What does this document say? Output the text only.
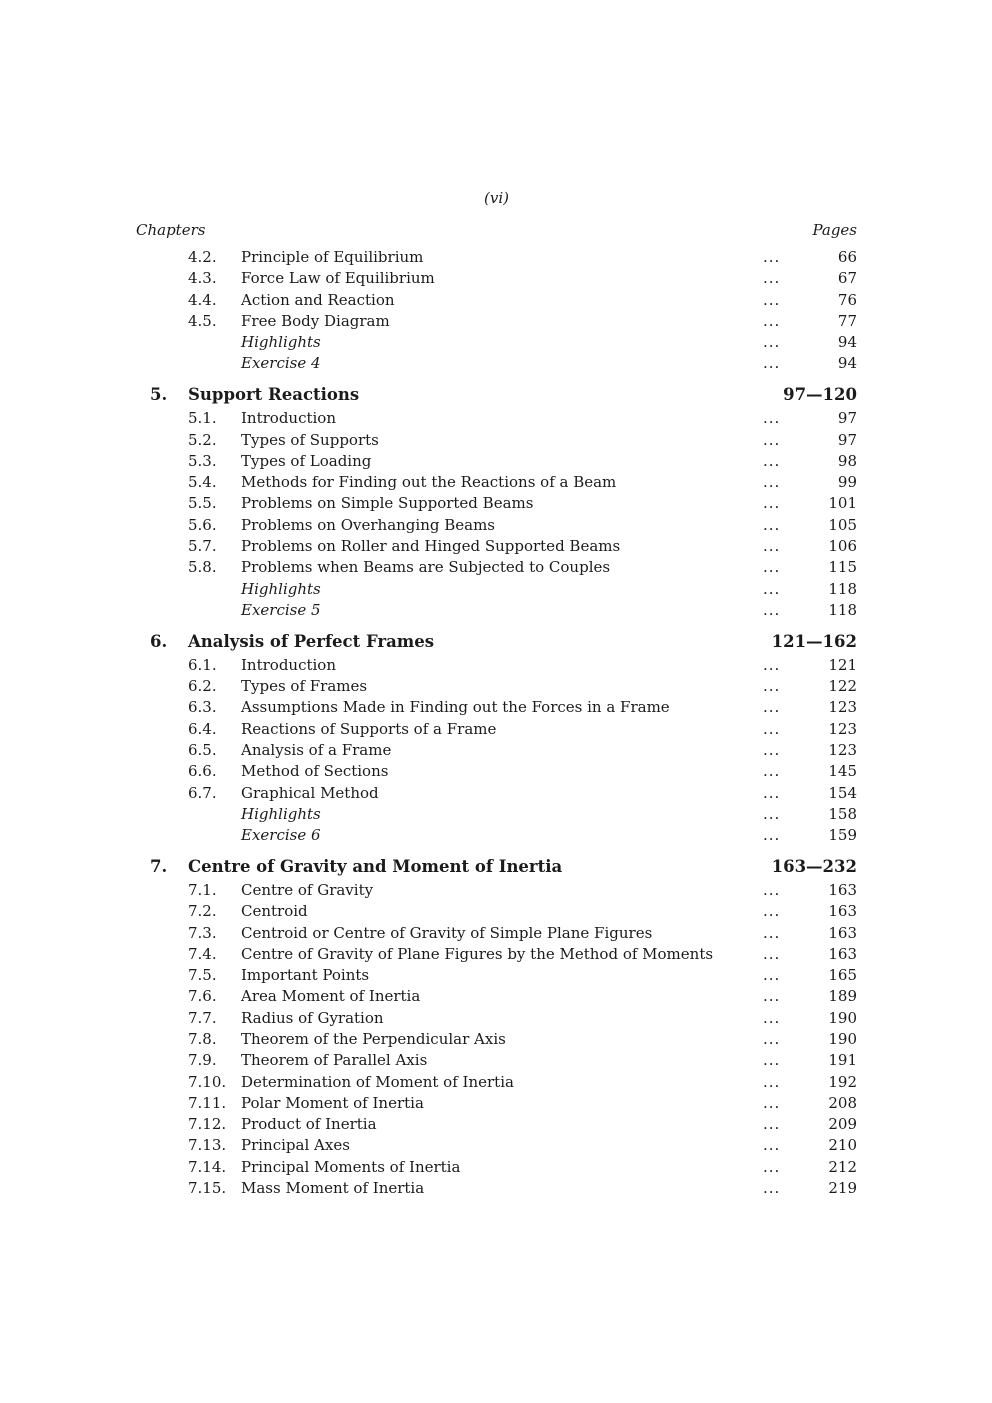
(vi)
Chapters	Pages
4.2.	Principle of Equilibrium	...	66
4.3.	Force Law of Equilibrium	...	67
4.4.	Action and Reaction	...	76
4.5.	Free Body Diagram	...	77
Highlights	...	94
Exercise 4	...	94
5.	Support Reactions	97—120
5.1.	Introduction	...	97
5.2.	Types of Supports	...	97
5.3.	Types of Loading	...	98
5.4.	Methods for Finding out the Reactions of a Beam	...	99
5.5.	Problems on Simple Supported Beams	...	101
5.6.	Problems on Overhanging Beams	...	105
5.7.	Problems on Roller and Hinged Supported Beams	...	106
5.8.	Problems when Beams are Subjected to Couples	...	115
Highlights	...	118
Exercise 5	...	118
6.	Analysis of Perfect Frames	121—162
6.1.	Introduction	...	121
6.2.	Types of Frames	...	122
6.3.	Assumptions Made in Finding out the Forces in a Frame	...	123
6.4.	Reactions of Supports of a Frame	...	123
6.5.	Analysis of a Frame	...	123
6.6.	Method of Sections	...	145
6.7.	Graphical Method	...	154
Highlights	...	158
Exercise 6	...	159
7.	Centre of Gravity and Moment of Inertia	163—232
7.1.	Centre of Gravity	...	163
7.2.	Centroid	...	163
7.3.	Centroid or Centre of Gravity of Simple Plane Figures	...	163
7.4.	Centre of Gravity of Plane Figures by the Method of Moments	...	163
7.5.	Important Points	...	165
7.6.	Area Moment of Inertia	...	189
7.7.	Radius of Gyration	...	190
7.8.	Theorem of the Perpendicular Axis	...	190
7.9.	Theorem of Parallel Axis	...	191
7.10. Determination of Moment of Inertia	...	192
7.11. Polar Moment of Inertia	...	208
7.12. Product of Inertia	...	209
7.13. Principal Axes	...	210
7.14. Principal Moments of Inertia	...	212
7.15. Mass Moment of Inertia	...	219
